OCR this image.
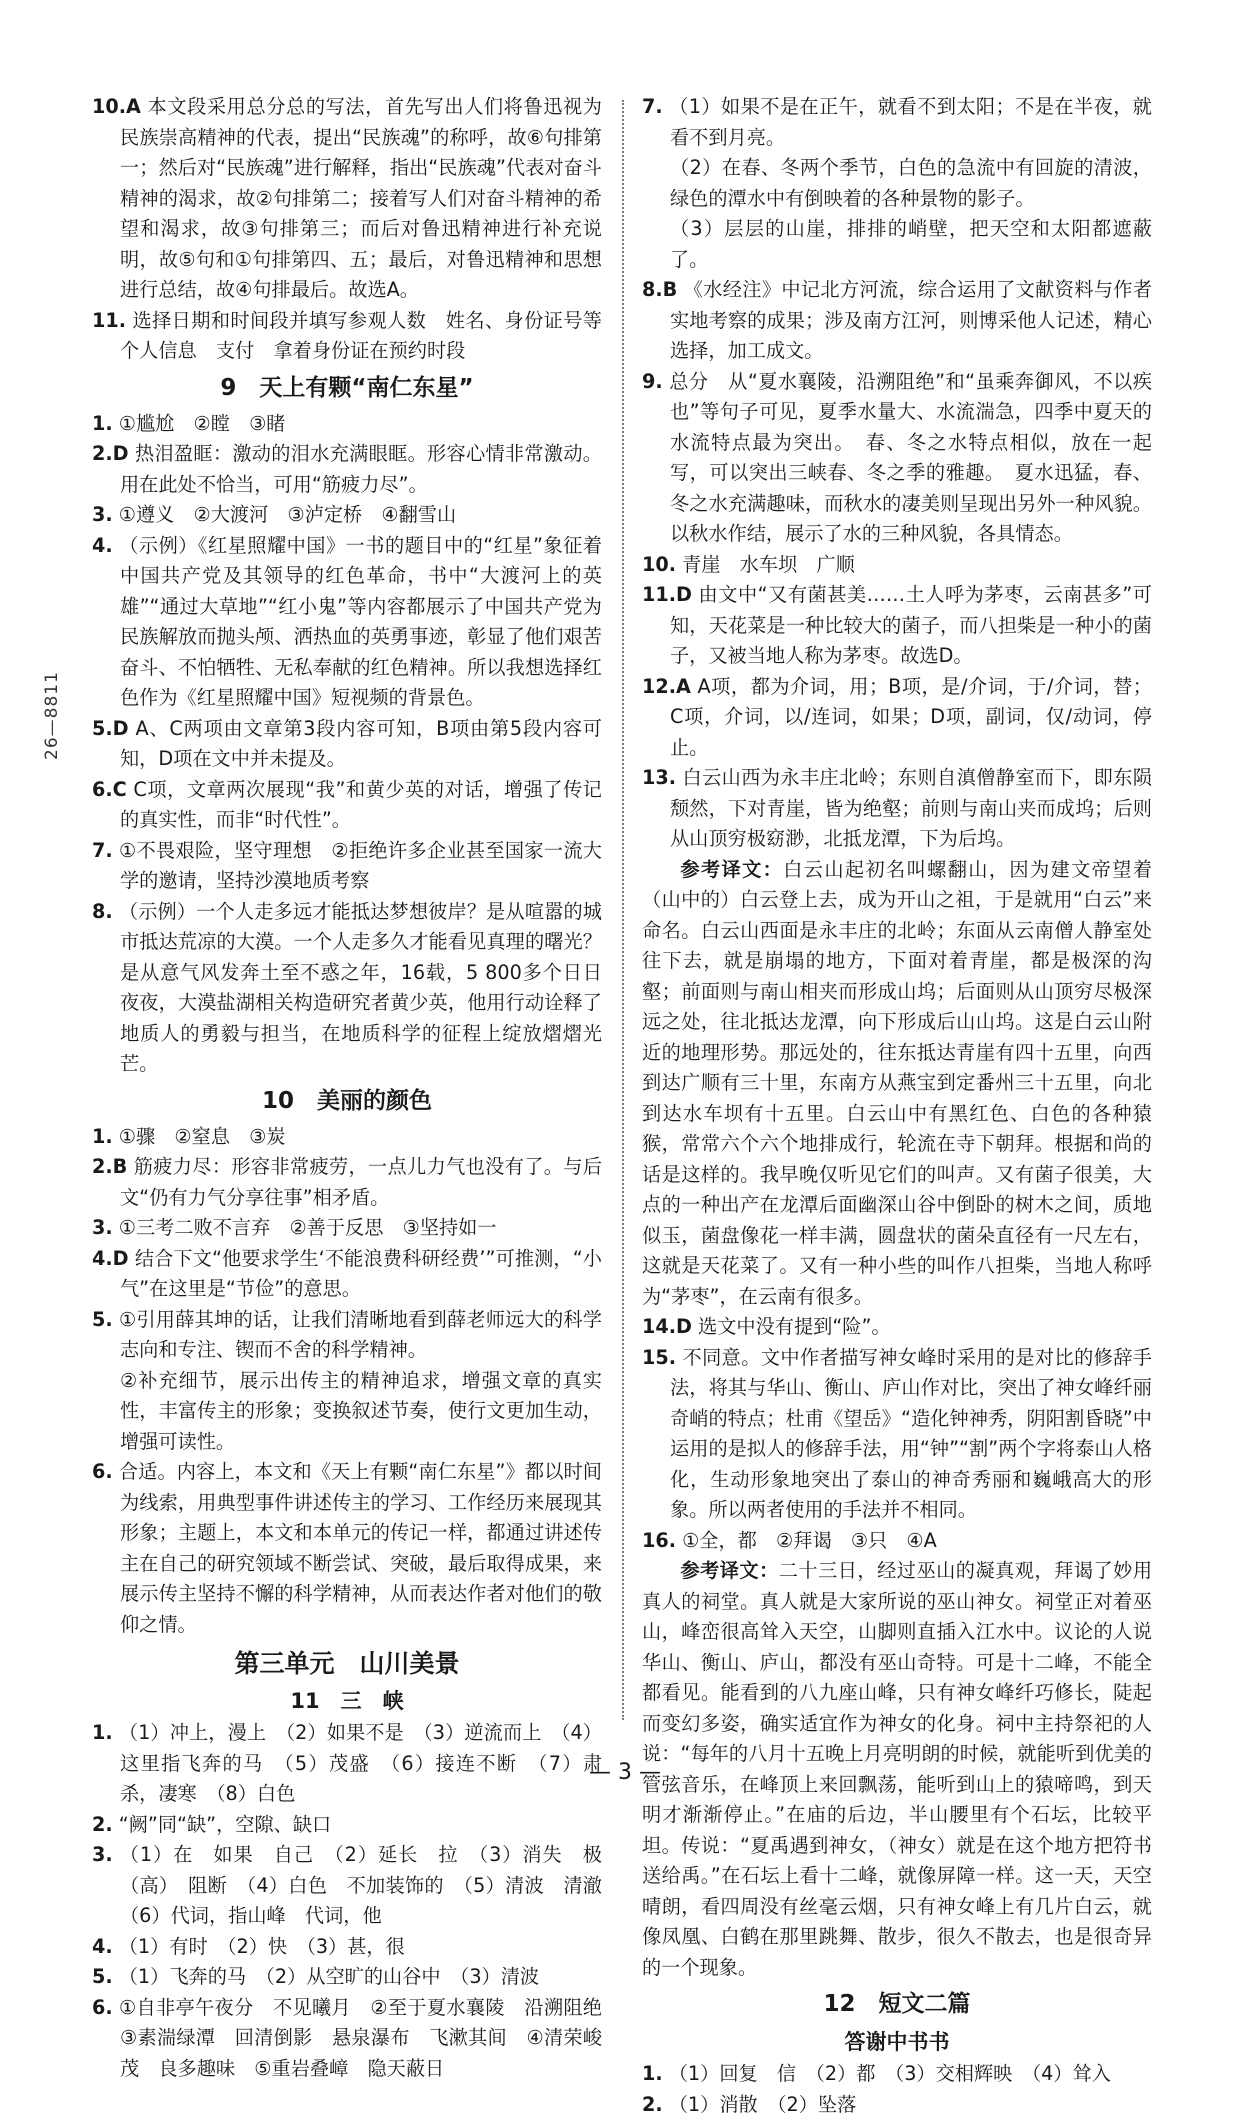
26—8811

10.A 本文段采用总分总的写法，首先写出人们将鲁迅视为民族崇高精神的代表，提出“民族魂”的称呼，故⑥句排第一；然后对“民族魂”进行解释，指出“民族魂”代表对奋斗精神的渴求，故②句排第二；接着写人们对奋斗精神的希望和渴求，故③句排第三；而后对鲁迅精神进行补充说明，故⑤句和①句排第四、五；最后，对鲁迅精神和思想进行总结，故④句排最后。故选A。

11. 选择日期和时间段并填写参观人数　姓名、身份证号等个人信息　支付　拿着身份证在预约时段

9　天上有颗“南仁东星”

1. ①尴尬　②瞠　③睹

2.D 热泪盈眶：激动的泪水充满眼眶。形容心情非常激动。用在此处不恰当，可用“筋疲力尽”。

3. ①遵义　②大渡河　③泸定桥　④翻雪山

4. （示例）《红星照耀中国》一书的题目中的“红星”象征着中国共产党及其领导的红色革命，书中“大渡河上的英雄”“通过大草地”“红小鬼”等内容都展示了中国共产党为民族解放而抛头颅、洒热血的英勇事迹，彰显了他们艰苦奋斗、不怕牺牲、无私奉献的红色精神。所以我想选择红色作为《红星照耀中国》短视频的背景色。

5.D A、C两项由文章第3段内容可知，B项由第5段内容可知，D项在文中并未提及。

6.C C项，文章两次展现“我”和黄少英的对话，增强了传记的真实性，而非“时代性”。

7. ①不畏艰险，坚守理想　②拒绝许多企业甚至国家一流大学的邀请，坚持沙漠地质考察

8. （示例）一个人走多远才能抵达梦想彼岸？是从喧嚣的城市抵达荒凉的大漠。一个人走多久才能看见真理的曙光？是从意气风发奔土至不惑之年，16载，5 800多个日日夜夜，大漠盐湖相关构造研究者黄少英，他用行动诠释了地质人的勇毅与担当，在地质科学的征程上绽放熠熠光芒。

10　美丽的颜色

1. ①骤　②窒息　③炭

2.B 筋疲力尽：形容非常疲劳，一点儿力气也没有了。与后文“仍有力气分享往事”相矛盾。

3. ①三考二败不言弃　②善于反思　③坚持如一

4.D 结合下文“他要求学生‘不能浪费科研经费’”可推测，“小气”在这里是“节俭”的意思。

5. ①引用薛其坤的话，让我们清晰地看到薛老师远大的科学志向和专注、锲而不舍的科学精神。

②补充细节，展示出传主的精神追求，增强文章的真实性，丰富传主的形象；变换叙述节奏，使行文更加生动，增强可读性。

6. 合适。内容上，本文和《天上有颗“南仁东星”》都以时间为线索，用典型事件讲述传主的学习、工作经历来展现其形象；主题上，本文和本单元的传记一样，都通过讲述传主在自己的研究领域不断尝试、突破，最后取得成果，来展示传主坚持不懈的科学精神，从而表达作者对他们的敬仰之情。

第三单元　山川美景
11　三　峡

1. （1）冲上，漫上　（2）如果不是　（3）逆流而上　（4）这里指飞奔的马　（5）茂盛　（6）接连不断　（7）肃杀，凄寒　（8）白色

2. “阙”同“缺”，空隙、缺口

3. （1）在　如果　自己　（2）延长　拉　（3）消失　极（高）　阻断　（4）白色　不加装饰的　（5）清波　清澈　（6）代词，指山峰　代词，他

4. （1）有时　（2）快　（3）甚，很

5. （1）飞奔的马　（2）从空旷的山谷中　（3）清波

6. ①自非亭午夜分　不见曦月　②至于夏水襄陵　沿溯阻绝　③素湍绿潭　回清倒影　悬泉瀑布　飞漱其间　④清荣峻茂　良多趣味　⑤重岩叠嶂　隐天蔽日

7. （1）如果不是在正午，就看不到太阳；不是在半夜，就看不到月亮。

（2）在春、冬两个季节，白色的急流中有回旋的清波，绿色的潭水中有倒映着的各种景物的影子。

（3）层层的山崖，排排的峭壁，把天空和太阳都遮蔽了。

8.B 《水经注》中记北方河流，综合运用了文献资料与作者实地考察的成果；涉及南方江河，则博采他人记述，精心选择，加工成文。

9. 总分　从“夏水襄陵，沿溯阻绝”和“虽乘奔御风，不以疾也”等句子可见，夏季水量大、水流湍急，四季中夏天的水流特点最为突出。　春、冬之水特点相似，放在一起写，可以突出三峡春、冬之季的雅趣。　夏水迅猛，春、冬之水充满趣味，而秋水的凄美则呈现出另外一种风貌。以秋水作结，展示了水的三种风貌，各具情态。

10. 青崖　水车坝　广顺

11.D 由文中“又有菌甚美……土人呼为茅枣，云南甚多”可知，天花菜是一种比较大的菌子，而八担柴是一种小的菌子，又被当地人称为茅枣。故选D。

12.A A项，都为介词，用；B项，是/介词，于/介词，替；C项，介词，以/连词，如果；D项，副词，仅/动词，停止。

13. 白云山西为永丰庄北岭；东则自滇僧静室而下，即东陨颓然，下对青崖，皆为绝壑；前则与南山夹而成坞；后则从山顶穷极窈渺，北抵龙潭，下为后坞。

参考译文：白云山起初名叫螺翻山，因为建文帝望着（山中的）白云登上去，成为开山之祖，于是就用“白云”来命名。白云山西面是永丰庄的北岭；东面从云南僧人静室处往下去，就是崩塌的地方，下面对着青崖，都是极深的沟壑；前面则与南山相夹而形成山坞；后面则从山顶穷尽极深远之处，往北抵达龙潭，向下形成后山山坞。这是白云山附近的地理形势。那远处的，往东抵达青崖有四十五里，向西到达广顺有三十里，东南方从燕宝到定番州三十五里，向北到达水车坝有十五里。白云山中有黑红色、白色的各种猿猴，常常六个六个地排成行，轮流在寺下朝拜。根据和尚的话是这样的。我早晚仅听见它们的叫声。又有菌子很美，大点的一种出产在龙潭后面幽深山谷中倒卧的树木之间，质地似玉，菌盘像花一样丰满，圆盘状的菌朵直径有一尺左右，这就是天花菜了。又有一种小些的叫作八担柴，当地人称呼为“茅枣”，在云南有很多。

14.D 选文中没有提到“险”。

15. 不同意。文中作者描写神女峰时采用的是对比的修辞手法，将其与华山、衡山、庐山作对比，突出了神女峰纤丽奇峭的特点；杜甫《望岳》“造化钟神秀，阴阳割昏晓”中运用的是拟人的修辞手法，用“钟”“割”两个字将泰山人格化，生动形象地突出了泰山的神奇秀丽和巍峨高大的形象。所以两者使用的手法并不相同。

16. ①全，都　②拜谒　③只　④A

参考译文：二十三日，经过巫山的凝真观，拜谒了妙用真人的祠堂。真人就是大家所说的巫山神女。祠堂正对着巫山，峰峦很高耸入天空，山脚则直插入江水中。议论的人说华山、衡山、庐山，都没有巫山奇特。可是十二峰，不能全都看见。能看到的八九座山峰，只有神女峰纤巧修长，陡起而变幻多姿，确实适宜作为神女的化身。祠中主持祭祀的人说：“每年的八月十五晚上月亮明朗的时候，就能听到优美的管弦音乐，在峰顶上来回飘荡，能听到山上的猿啼鸣，到天明才渐渐停止。”在庙的后边，半山腰里有个石坛，比较平坦。传说：“夏禹遇到神女，（神女）就是在这个地方把符书送给禹。”在石坛上看十二峰，就像屏障一样。这一天，天空晴朗，看四周没有丝毫云烟，只有神女峰上有几片白云，就像凤凰、白鹤在那里跳舞、散步，很久不散去，也是很奇异的一个现象。

12　短文二篇
答谢中书书

1. （1）回复　信　（2）都　（3）交相辉映　（4）耸入

2. （1）消散　（2）坠落

— 3 —
